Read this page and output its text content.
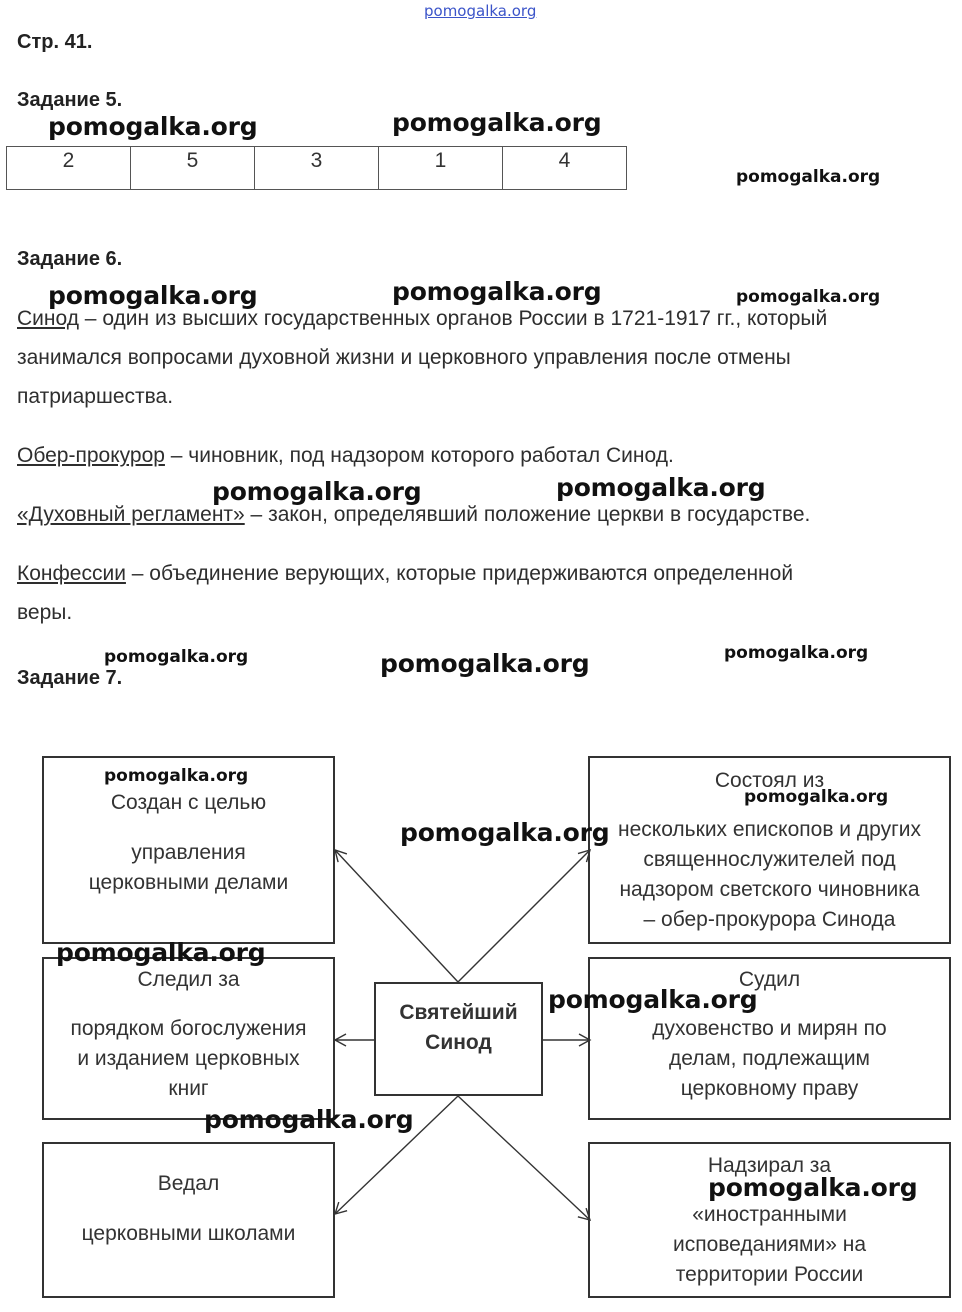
pomogalka.org
Стр. 41.
Задание 5.
2	5	3	1	4
Задание 6.
Синод – один из высших государственных органов России в 1721-1917 гг., который
занимался вопросами духовной жизни и церковного управления после отмены
патриаршества.
Обер-прокурор – чиновник, под надзором которого работал Синод.
«Духовный регламент» – закон, определявший положение церкви в государстве.
Конфессии – объединение верующих, которые придерживаются определенной
веры.
Задание 7.
Святейший
Синод
Создан с целью
управления
церковными делами
Следил за
порядком богослужения
и изданием церковных
книг
Ведал
церковными школами
Состоял из
нескольких епископов и других
священнослужителей под
надзором светского чиновника
– обер-прокурора Синода
Судил
духовенство и мирян по
делам, подлежащим
церковному праву
Надзирал за
«иностранными
исповеданиями» на
территории России
pomogalka.org	pomogalka.org
pomogalka.org
pomogalka.org	pomogalka.org	pomogalka.org
pomogalka.org	pomogalka.org
pomogalka.org	pomogalka.org	pomogalka.org
pomogalka.org
pomogalka.org
pomogalka.org
pomogalka.org
pomogalka.org
pomogalka.org
pomogalka.org
